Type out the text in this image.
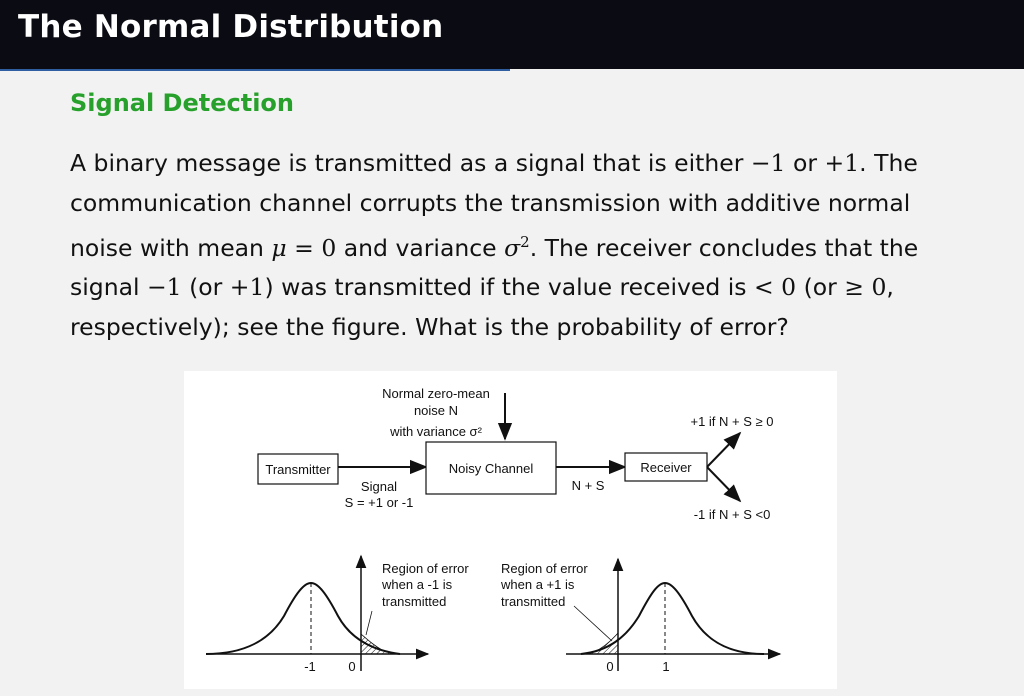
The Normal Distribution
Signal Detection
A binary message is transmitted as a signal that is either −1 or +1. The communication channel corrupts the transmission with additive normal noise with mean μ = 0 and variance $\sigma^2$. The receiver concludes that the signal −1 (or +1) was transmitted if the value received is < 0 (or ≥ 0, respectively); see the figure. What is the probability of error?
Normal zero-mean
noise N
with variance σ²
Transmitter
Signal
S = +1 or -1
Noisy Channel
N + S
Receiver
+1 if N + S ≥ 0
-1 if N + S <0
-1	0
Region of error
when a -1 is
transmitted
0	1
Region of error
when a +1 is
transmitted
